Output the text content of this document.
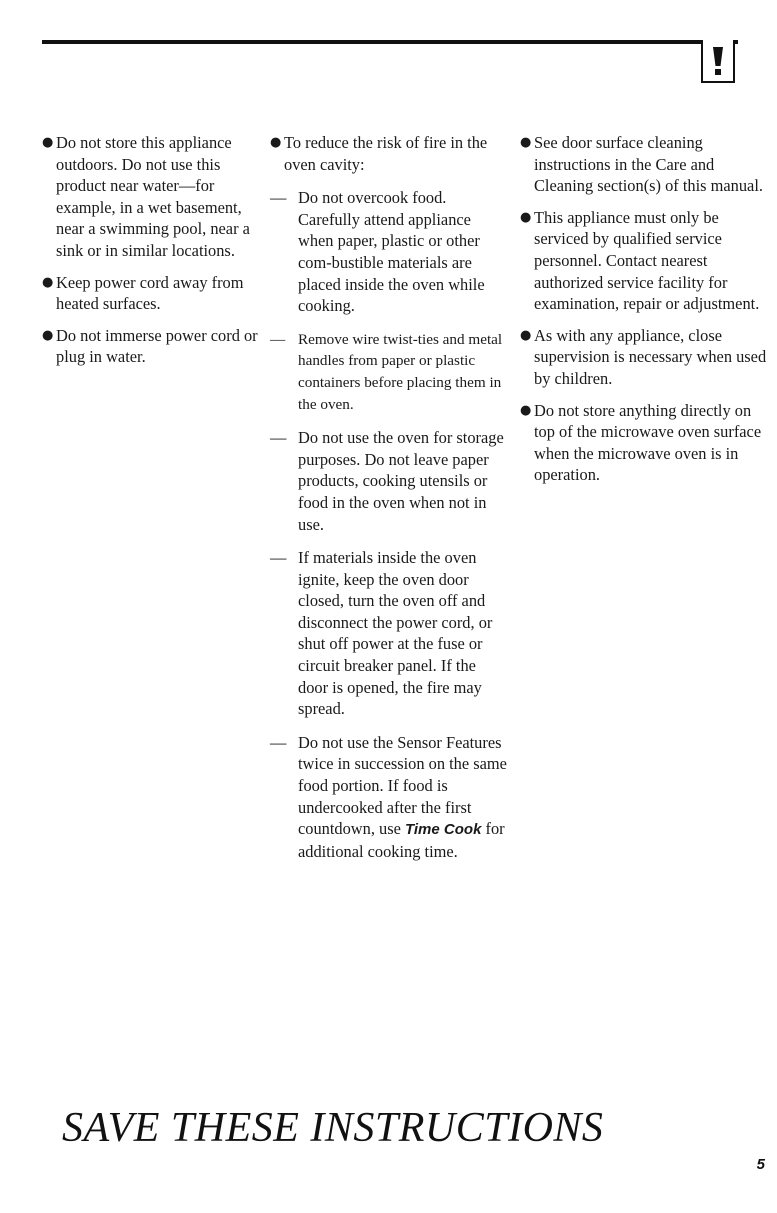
● Do not store this appliance outdoors. Do not use this product near water—for example, in a wet basement, near a swimming pool, near a sink or in similar locations.
● Keep power cord away from heated surfaces.
● Do not immerse power cord or plug in water.
● To reduce the risk of fire in the oven cavity:
— Do not overcook food. Carefully attend appliance when paper, plastic or other com-bustible materials are placed inside the oven while cooking.
— Remove wire twist-ties and metal handles from paper or plastic containers before placing them in the oven.
— Do not use the oven for storage purposes. Do not leave paper products, cooking utensils or food in the oven when not in use.
— If materials inside the oven ignite, keep the oven door closed, turn the oven off and disconnect the power cord, or shut off power at the fuse or circuit breaker panel. If the door is opened, the fire may spread.
— Do not use the Sensor Features twice in succession on the same food portion. If food is undercooked after the first countdown, use Time Cook for additional cooking time.
● See door surface cleaning instructions in the Care and Cleaning section(s) of this manual.
● This appliance must only be serviced by qualified service personnel. Contact nearest authorized service facility for examination, repair or adjustment.
● As with any appliance, close supervision is necessary when used by children.
● Do not store anything directly on top of the microwave oven surface when the microwave oven is in operation.
SAVE THESE INSTRUCTIONS
5
